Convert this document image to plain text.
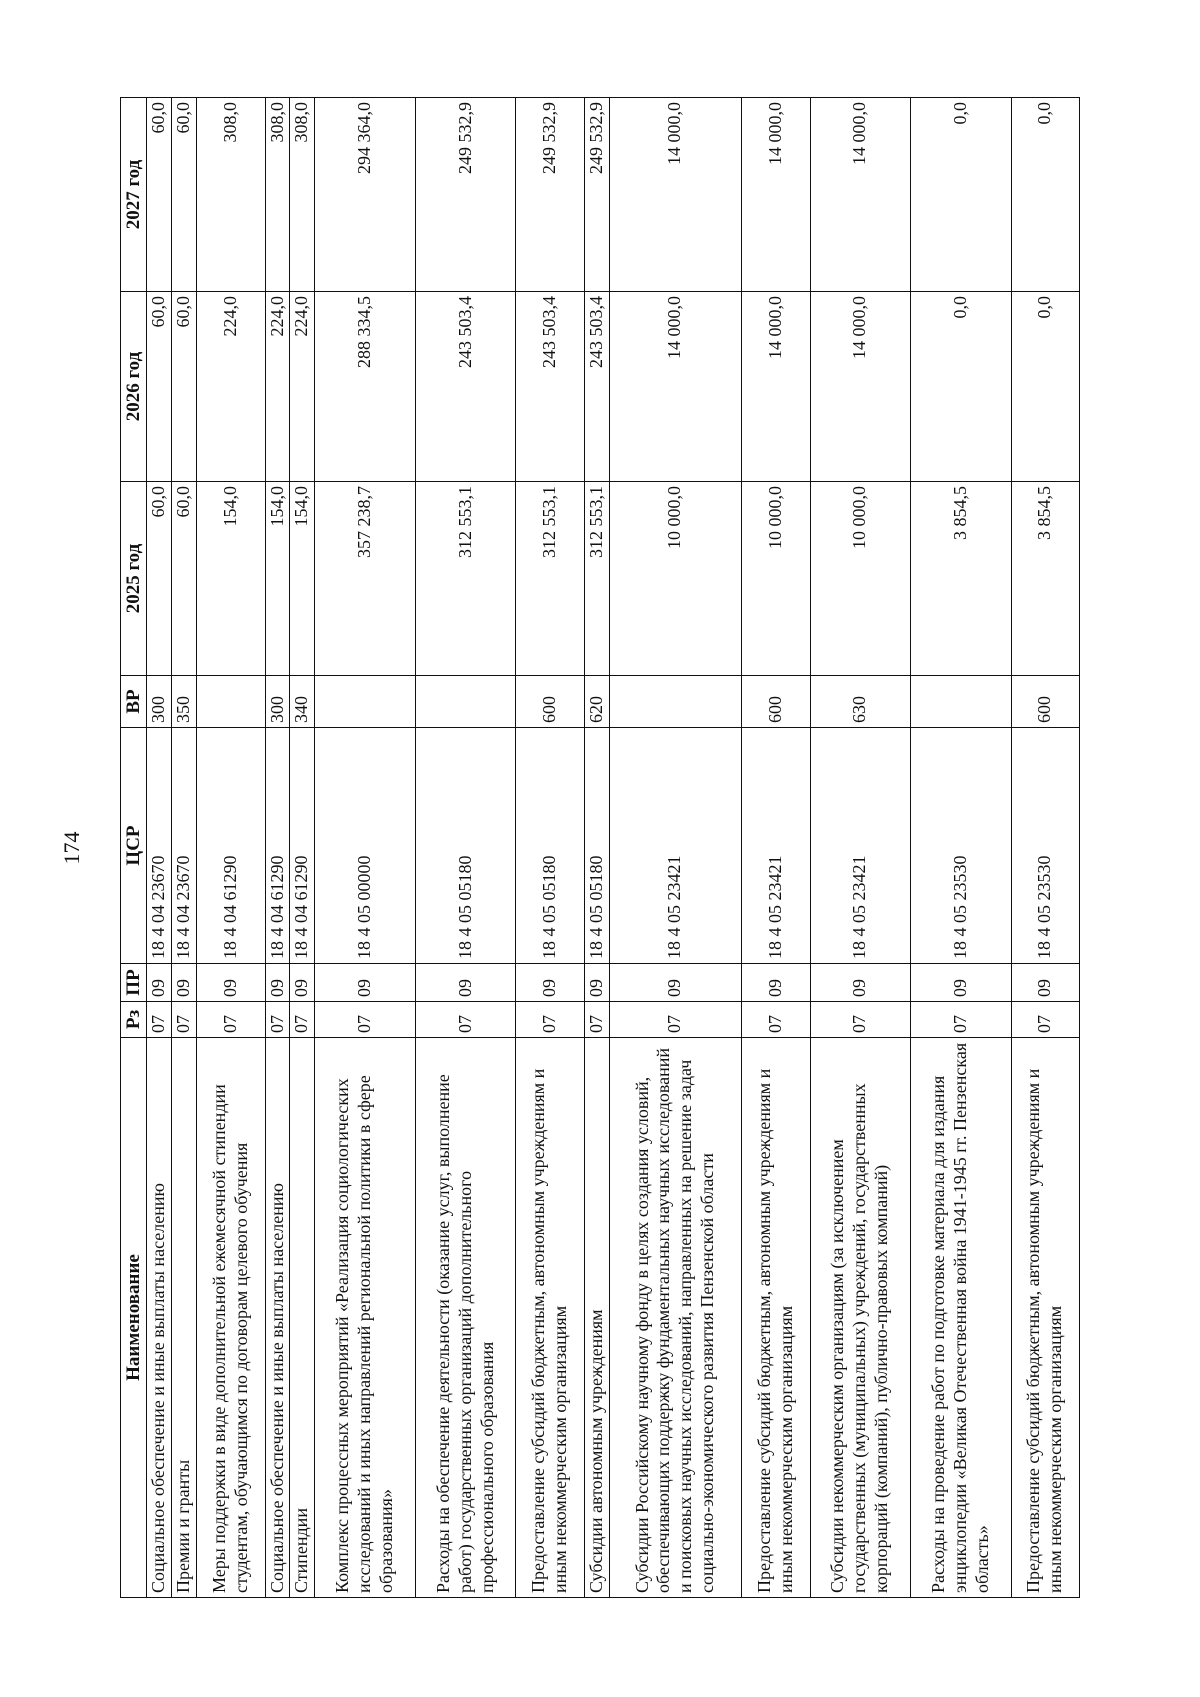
174
Наименование	Рз	ПР	ЦСР	ВР	2025 год	2026 год	2027 год
Социальное обеспечение и иные выплаты населению	07	09	18 4 04 23670	300	60,0	60,0	60,0
Премии и гранты	07	09	18 4 04 23670	350	60,0	60,0	60,0
Меры поддержки в виде дополнительной ежемесячной стипендии студентам, обучающимся по договорам целевого обучения	07	09	18 4 04 61290		154,0	224,0	308,0
Социальное обеспечение и иные выплаты населению	07	09	18 4 04 61290	300	154,0	224,0	308,0
Стипендии	07	09	18 4 04 61290	340	154,0	224,0	308,0
Комплекс процессных мероприятий «Реализация социологических исследований и иных направлений региональной политики в сфере образования»	07	09	18 4 05 00000		357 238,7	288 334,5	294 364,0
Расходы на обеспечение деятельности (оказание услуг, выполнение работ) государственных организаций дополнительного профессионального образования	07	09	18 4 05 05180		312 553,1	243 503,4	249 532,9
Предоставление субсидий бюджетным, автономным учреждениям и иным некоммерческим организациям	07	09	18 4 05 05180	600	312 553,1	243 503,4	249 532,9
Субсидии автономным учреждениям	07	09	18 4 05 05180	620	312 553,1	243 503,4	249 532,9
Субсидии Российскому научному фонду в целях создания условий, обеспечивающих поддержку фундаментальных научных исследований и поисковых научных исследований, направленных на решение задач социально-экономического развития Пензенской области	07	09	18 4 05 23421		10 000,0	14 000,0	14 000,0
Предоставление субсидий бюджетным, автономным учреждениям и иным некоммерческим организациям	07	09	18 4 05 23421	600	10 000,0	14 000,0	14 000,0
Субсидии некоммерческим организациям (за исключением государственных (муниципальных) учреждений, государственных корпораций (компаний), публично-правовых компаний)	07	09	18 4 05 23421	630	10 000,0	14 000,0	14 000,0
Расходы на проведение работ по подготовке материала для издания энциклопедии «Великая Отечественная война 1941-1945 гг. Пензенская область»	07	09	18 4 05 23530		3 854,5	0,0	0,0
Предоставление субсидий бюджетным, автономным учреждениям и иным некоммерческим организациям	07	09	18 4 05 23530	600	3 854,5	0,0	0,0
